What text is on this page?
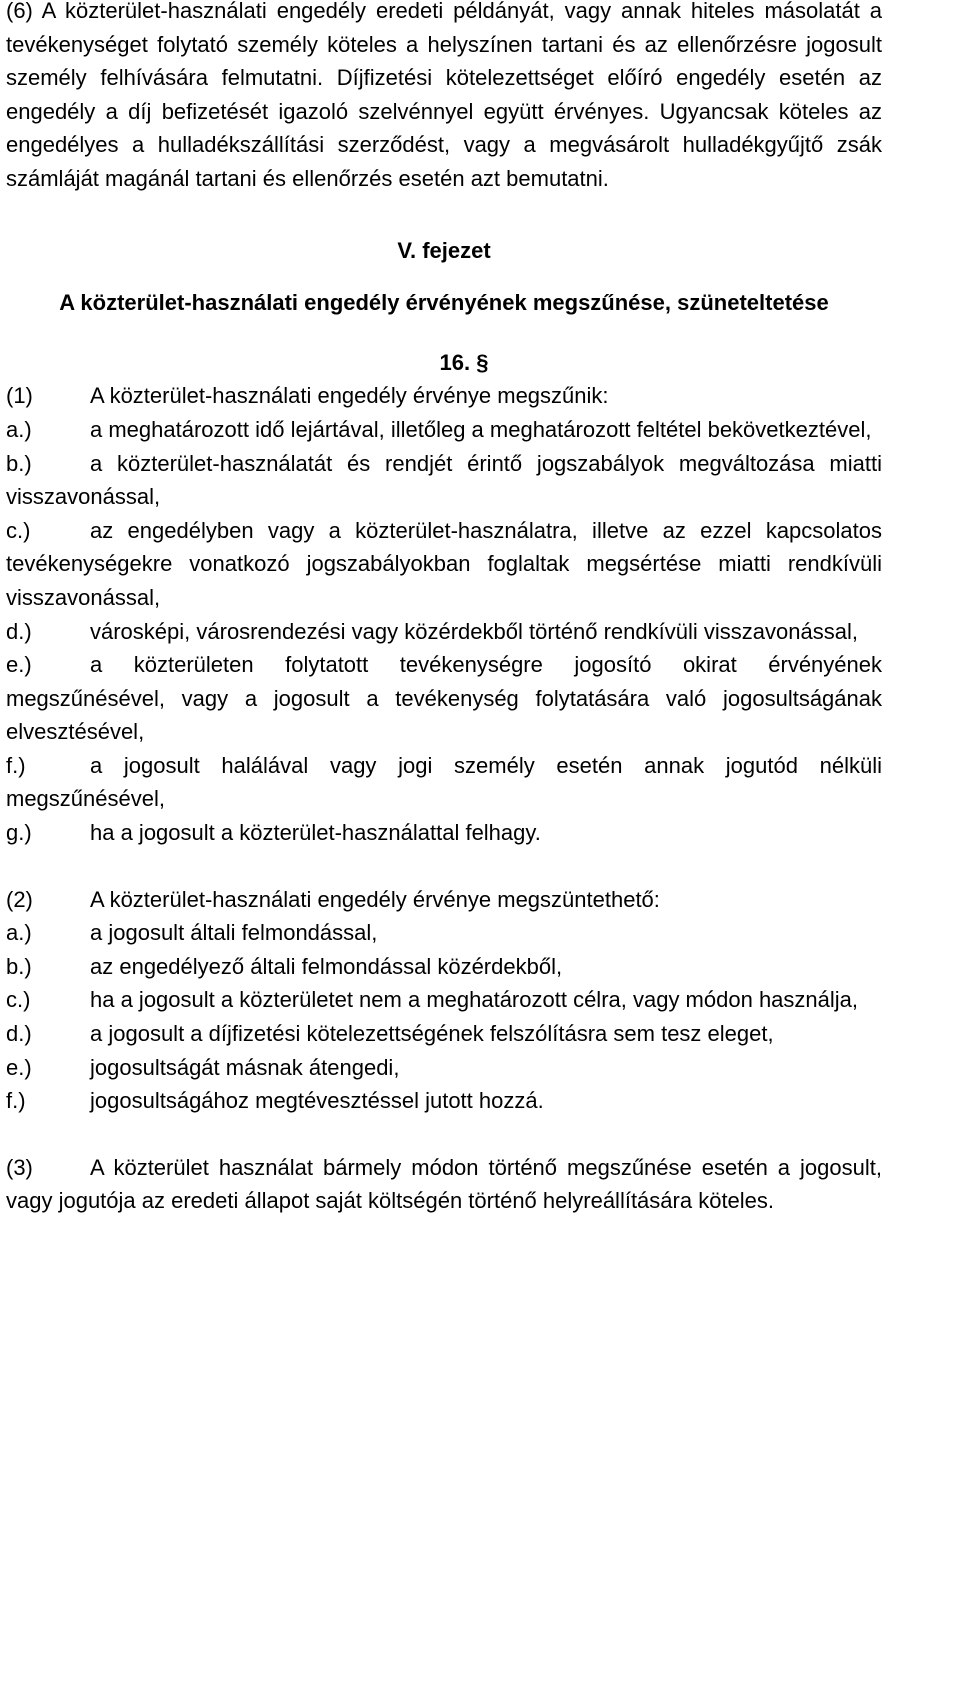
(6) A közterület-használati engedély eredeti példányát, vagy annak hiteles másolatát a tevékenységet folytató személy köteles a helyszínen tartani és az ellenőrzésre jogosult személy felhívására felmutatni. Díjfizetési kötelezettséget előíró engedély esetén az engedély a díj befizetését igazoló szelvénnyel együtt érvényes. Ugyancsak köteles az engedélyes a hulladékszállítási szerződést, vagy a megvásárolt hulladékgyűjtő zsák számláját magánál tartani és ellenőrzés esetén azt bemutatni.

V. fejezet

A közterület-használati engedély érvényének megszűnése, szüneteltetése

16. §

(1)	A közterület-használati engedély érvénye megszűnik:

a.)	a meghatározott idő lejártával, illetőleg a meghatározott feltétel bekövetkeztével,

b.)	a közterület-használatát és rendjét érintő jogszabályok megváltozása miatti visszavonással,

c.)	az engedélyben vagy a közterület-használatra, illetve az ezzel kapcsolatos tevékenységekre vonatkozó jogszabályokban foglaltak megsértése miatti rendkívüli visszavonással,

d.)	városképi, városrendezési vagy közérdekből történő rendkívüli visszavonással,

e.)	a közterületen folytatott tevékenységre jogosító okirat érvényének megszűnésével, vagy a jogosult a tevékenység folytatására való jogosultságának elvesztésével,

f.)	a jogosult halálával vagy jogi személy esetén annak jogutód nélküli megszűnésével,

g.)	ha a jogosult a közterület-használattal felhagy.

(2)	A közterület-használati engedély érvénye megszüntethető:

a.)	a jogosult általi felmondással,

b.)	az engedélyező általi felmondással közérdekből,

c.)	ha a jogosult a közterületet nem a meghatározott célra, vagy módon használja,

d.)	a jogosult a díjfizetési kötelezettségének felszólításra sem tesz eleget,

e.)	jogosultságát másnak átengedi,

f.)	jogosultságához megtévesztéssel jutott hozzá.

(3)	A közterület használat bármely módon történő megszűnése esetén a jogosult, vagy jogutója az eredeti állapot saját költségén történő helyreállítására köteles.
